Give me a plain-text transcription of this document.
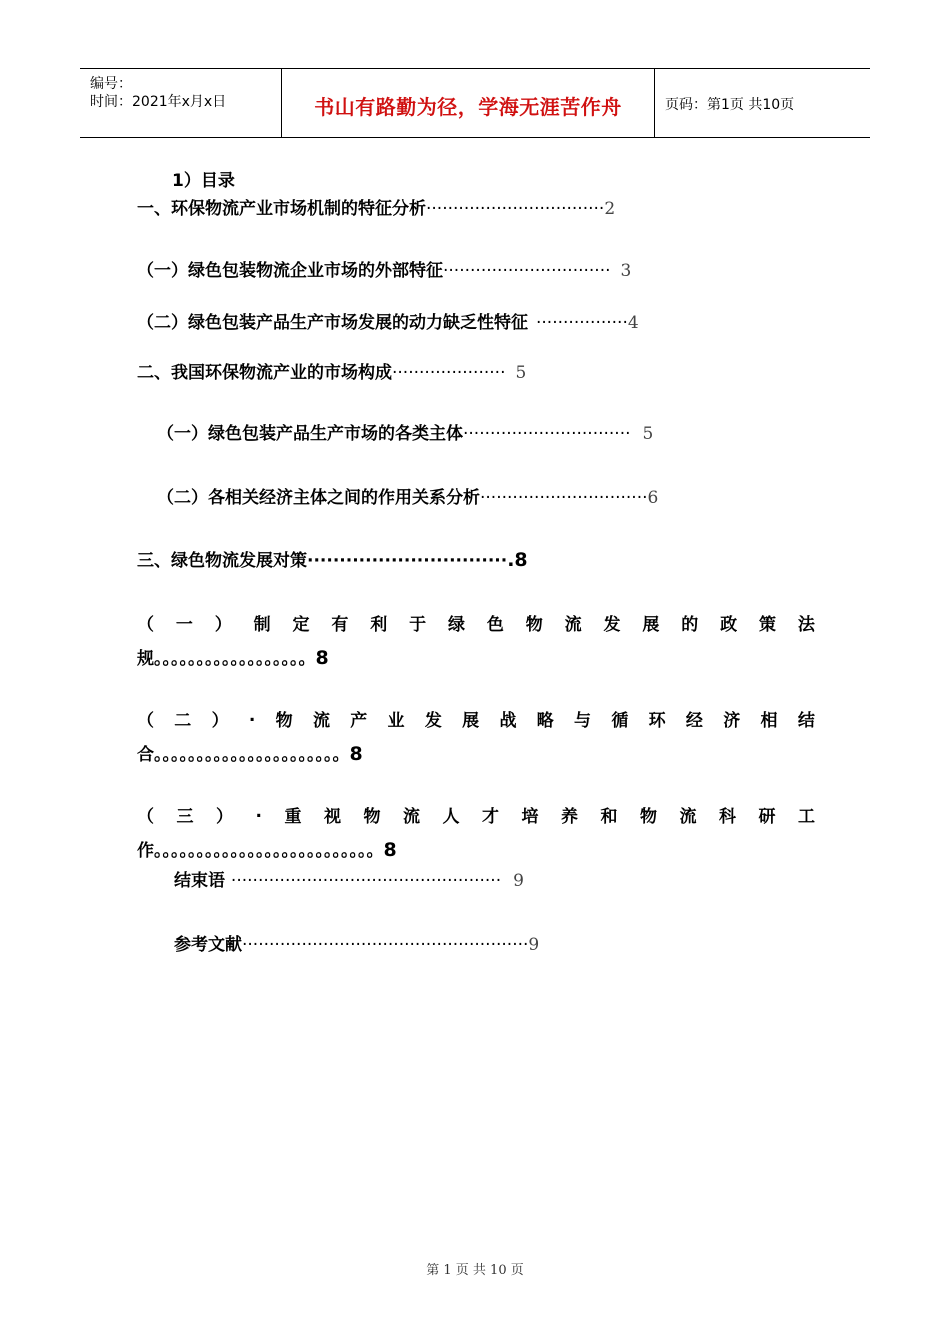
编号：
时间：2021年x月x日	书山有路勤为径，学海无涯苦作舟	页码：第1页 共10页
1）目录
一、环保物流产业市场机制的特征分析·································2
（一）绿色包装物流企业市场的外部特征······························· 3
（二）绿色包装产品生产市场发展的动力缺乏性特征 ·················4
二、我国环保物流产业的市场构成····················· 5
（一）绿色包装产品生产市场的各类主体······························· 5
（二）各相关经济主体之间的作用关系分析·······························6
三、绿色物流发展对策·······························.8
（ 一 ） 制 定 有 利 于 绿 色 物 流 发 展 的 政 策 法
规。。。。。。。。。。。。。。。。。。8
（ 二 ） . 物 流 产 业 发 展 战 略 与 循 环 经 济 相 结
合。。。。。。。。。。。。。。。。。。。。。。8
（ 三 ） . 重 视 物 流 人 才 培 养 和 物 流 科 研 工
作。。。。。。。。。。。。。。。。。。。。。。。。。。8
结束语 ·················································· 9
参考文献·····················································9
第 1 页 共 10 页
